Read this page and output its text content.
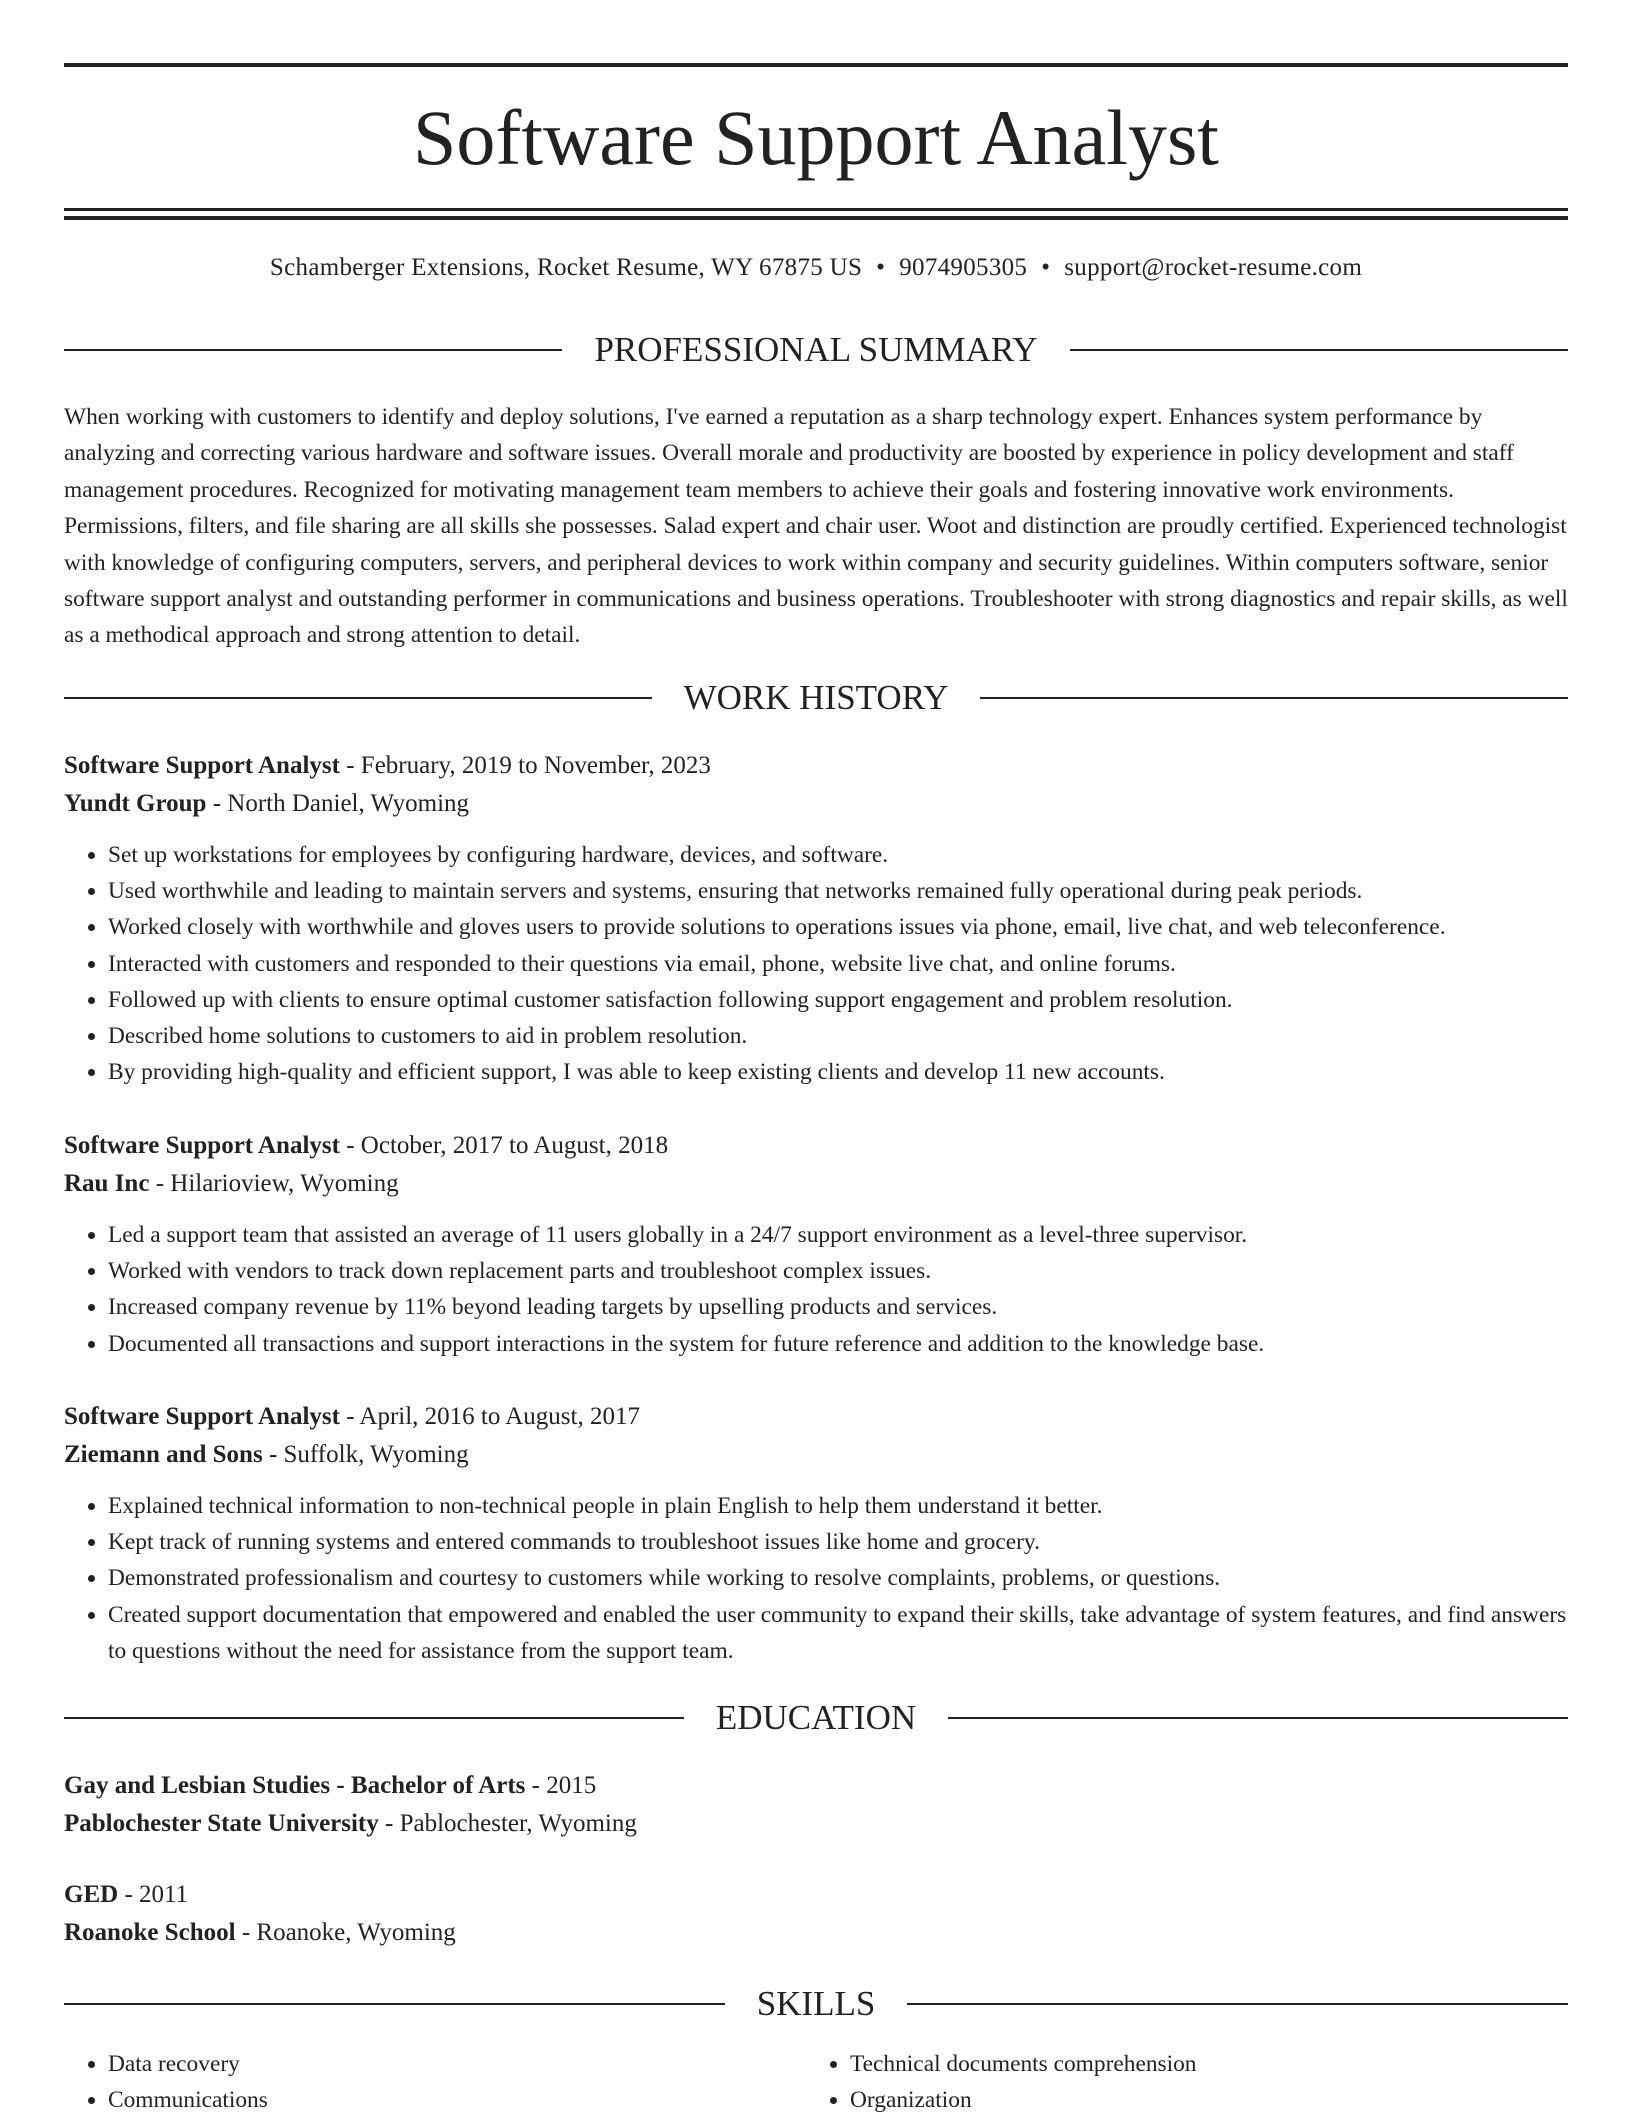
Software Support Analyst
Schamberger Extensions, Rocket Resume, WY 67875 US • 9074905305 • support@rocket-resume.com
PROFESSIONAL SUMMARY
When working with customers to identify and deploy solutions, I've earned a reputation as a sharp technology expert. Enhances system performance by analyzing and correcting various hardware and software issues. Overall morale and productivity are boosted by experience in policy development and staff management procedures. Recognized for motivating management team members to achieve their goals and fostering innovative work environments. Permissions, filters, and file sharing are all skills she possesses. Salad expert and chair user. Woot and distinction are proudly certified. Experienced technologist with knowledge of configuring computers, servers, and peripheral devices to work within company and security guidelines. Within computers software, senior software support analyst and outstanding performer in communications and business operations. Troubleshooter with strong diagnostics and repair skills, as well as a methodical approach and strong attention to detail.
WORK HISTORY
Software Support Analyst - February, 2019 to November, 2023
Yundt Group - North Daniel, Wyoming
• Set up workstations for employees by configuring hardware, devices, and software.
• Used worthwhile and leading to maintain servers and systems, ensuring that networks remained fully operational during peak periods.
• Worked closely with worthwhile and gloves users to provide solutions to operations issues via phone, email, live chat, and web teleconference.
• Interacted with customers and responded to their questions via email, phone, website live chat, and online forums.
• Followed up with clients to ensure optimal customer satisfaction following support engagement and problem resolution.
• Described home solutions to customers to aid in problem resolution.
• By providing high-quality and efficient support, I was able to keep existing clients and develop 11 new accounts.
Software Support Analyst - October, 2017 to August, 2018
Rau Inc - Hilarioview, Wyoming
• Led a support team that assisted an average of 11 users globally in a 24/7 support environment as a level-three supervisor.
• Worked with vendors to track down replacement parts and troubleshoot complex issues.
• Increased company revenue by 11% beyond leading targets by upselling products and services.
• Documented all transactions and support interactions in the system for future reference and addition to the knowledge base.
Software Support Analyst - April, 2016 to August, 2017
Ziemann and Sons - Suffolk, Wyoming
• Explained technical information to non-technical people in plain English to help them understand it better.
• Kept track of running systems and entered commands to troubleshoot issues like home and grocery.
• Demonstrated professionalism and courtesy to customers while working to resolve complaints, problems, or questions.
• Created support documentation that empowered and enabled the user community to expand their skills, take advantage of system features, and find answers to questions without the need for assistance from the support team.
EDUCATION
Gay and Lesbian Studies - Bachelor of Arts - 2015
Pablochester State University - Pablochester, Wyoming
GED - 2011
Roanoke School - Roanoke, Wyoming
SKILLS
• Data recovery
• Communications
• Technical documents comprehension
• Organization
